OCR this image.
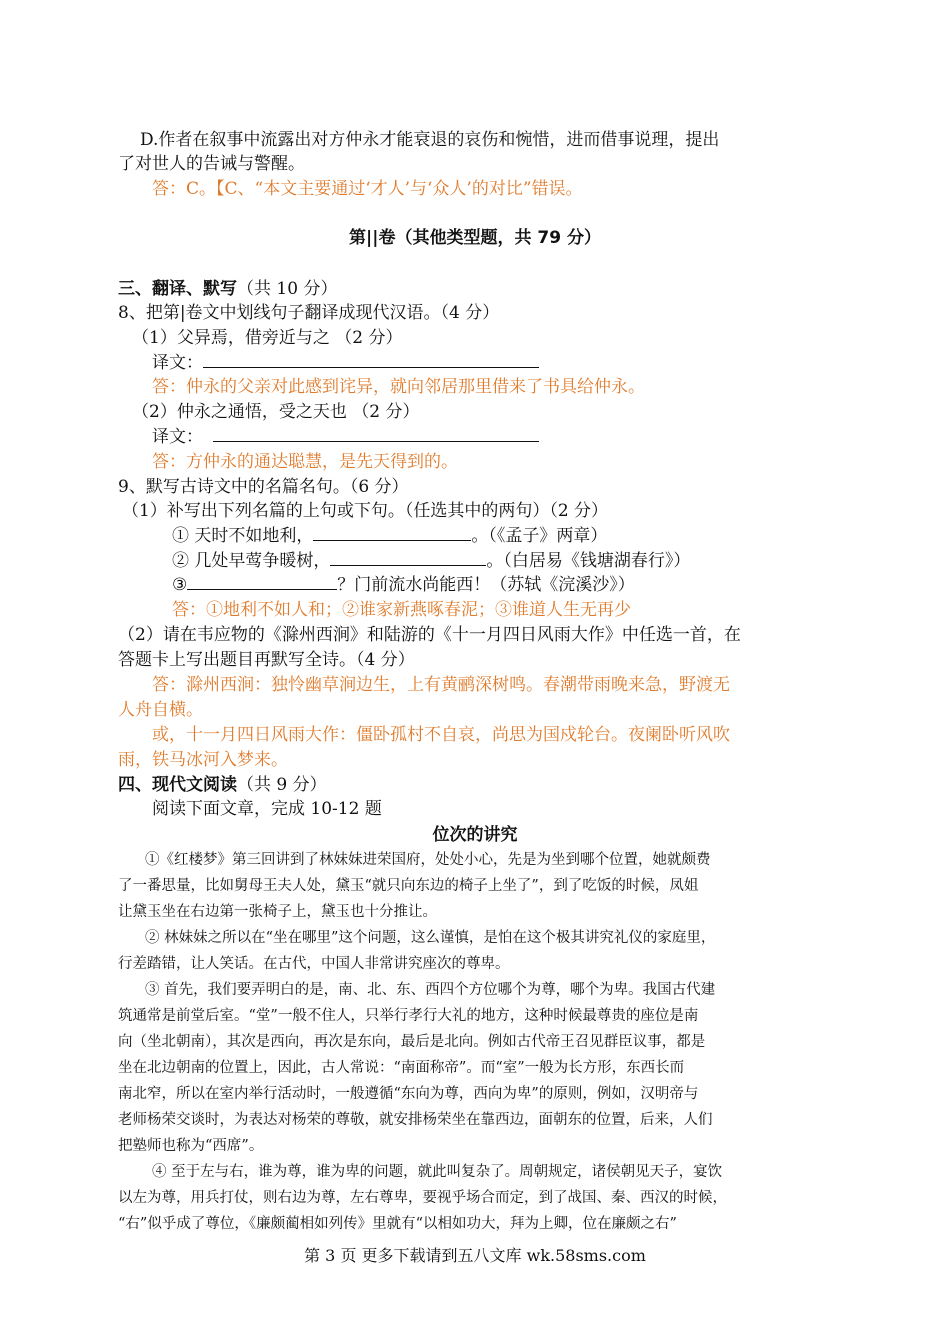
D.作者在叙事中流露出对方仲永才能衰退的哀伤和惋惜，进而借事说理，提出
了对世人的告诫与警醒。
答：C。【C、“本文主要通过‘才人’与‘众人’的对比”错误。
第||卷（其他类型题，共 79 分）
三、翻译、默写（共 10 分）
8、把第|卷文中划线句子翻译成现代汉语。（4 分）
（1）父异焉，借旁近与之 （2 分）
译文：
答：仲永的父亲对此感到诧异，就向邻居那里借来了书具给仲永。
（2）仲永之通悟，受之天也 （2 分）
译文：
答：方仲永的通达聪慧，是先天得到的。
9、默写古诗文中的名篇名句。（6 分）
（1）补写出下列名篇的上句或下句。（任选其中的两句）（2 分）
① 天时不如地利，	。（《孟子》两章）
② 几处早莺争暖树，	。（白居易《钱塘湖春行》）
③	？门前流水尚能西！（苏轼《浣溪沙》）
答：①地利不如人和；②谁家新燕啄春泥；③谁道人生无再少
（2）请在韦应物的《滁州西涧》和陆游的《十一月四日风雨大作》中任选一首，在
答题卡上写出题目再默写全诗。（4 分）
答：滁州西涧：独怜幽草涧边生，上有黄鹂深树鸣。春潮带雨晚来急，野渡无
人舟自横。
或，十一月四日风雨大作：僵卧孤村不自哀，尚思为国戍轮台。夜阑卧听风吹
雨，铁马冰河入梦来。
四、现代文阅读（共 9 分）
阅读下面文章，完成 10-12 题
位次的讲究
①《红楼梦》第三回讲到了林妹妹进荣国府，处处小心，先是为坐到哪个位置，她就颇费
了一番思量，比如舅母王夫人处，黛玉“就只向东边的椅子上坐了”，到了吃饭的时候，凤姐
让黛玉坐在右边第一张椅子上，黛玉也十分推让。
② 林妹妹之所以在“坐在哪里”这个问题，这么谨慎，是怕在这个极其讲究礼仪的家庭里，
行差踏错，让人笑话。在古代，中国人非常讲究座次的尊卑。
③ 首先，我们要弄明白的是，南、北、东、西四个方位哪个为尊，哪个为卑。我国古代建
筑通常是前堂后室。“堂”一般不住人，只举行孝行大礼的地方，这种时候最尊贵的座位是南
向（坐北朝南），其次是西向，再次是东向，最后是北向。例如古代帝王召见群臣议事，都是
坐在北边朝南的位置上，因此，古人常说：“南面称帝”。而“室”一般为长方形，东西长而
南北窄，所以在室内举行活动时，一般遵循“东向为尊，西向为卑”的原则，例如，汉明帝与
老师杨荣交谈时，为表达对杨荣的尊敬，就安排杨荣坐在靠西边，面朝东的位置，后来，人们
把塾师也称为“西席”。
④ 至于左与右，谁为尊，谁为卑的问题，就此叫复杂了。周朝规定，诸侯朝见天子，宴饮
以左为尊，用兵打仗，则右边为尊，左右尊卑，要视乎场合而定，到了战国、秦、西汉的时候，
“右”似乎成了尊位，《廉颇蔺相如列传》里就有“以相如功大，拜为上卿，位在廉颇之右”
第 3 页 更多下载请到五八文库 wk.58sms.com
